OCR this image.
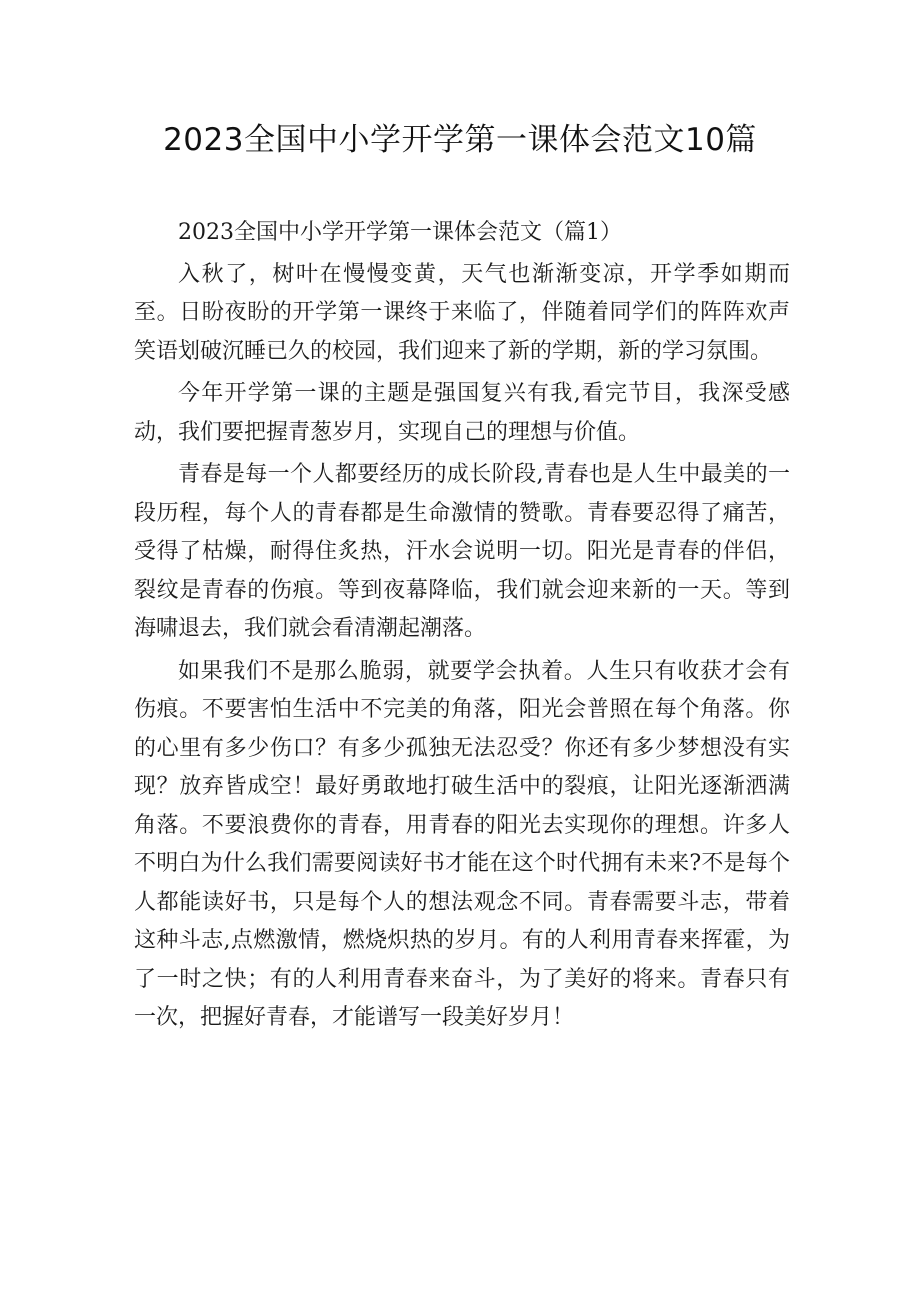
2023全国中小学开学第一课体会范文10篇

2023全国中小学开学第一课体会范文（篇1）

入秋了，树叶在慢慢变黄，天气也渐渐变凉，开学季如期而至。日盼夜盼的开学第一课终于来临了，伴随着同学们的阵阵欢声笑语划破沉睡已久的校园，我们迎来了新的学期，新的学习氛围。

今年开学第一课的主题是强国复兴有我,看完节目，我深受感动，我们要把握青葱岁月，实现自己的理想与价值。

青春是每一个人都要经历的成长阶段,青春也是人生中最美的一段历程，每个人的青春都是生命激情的赞歌。青春要忍得了痛苦，受得了枯燥，耐得住炙热，汗水会说明一切。阳光是青春的伴侣，裂纹是青春的伤痕。等到夜幕降临，我们就会迎来新的一天。等到海啸退去，我们就会看清潮起潮落。

如果我们不是那么脆弱，就要学会执着。人生只有收获才会有伤痕。不要害怕生活中不完美的角落，阳光会普照在每个角落。你的心里有多少伤口？有多少孤独无法忍受？你还有多少梦想没有实现？放弃皆成空！最好勇敢地打破生活中的裂痕，让阳光逐渐洒满角落。不要浪费你的青春，用青春的阳光去实现你的理想。许多人不明白为什么我们需要阅读好书才能在这个时代拥有未来?不是每个人都能读好书，只是每个人的想法观念不同。青春需要斗志，带着这种斗志,点燃激情，燃烧炽热的岁月。有的人利用青春来挥霍，为了一时之快；有的人利用青春来奋斗，为了美好的将来。青春只有一次，把握好青春，才能谱写一段美好岁月！
